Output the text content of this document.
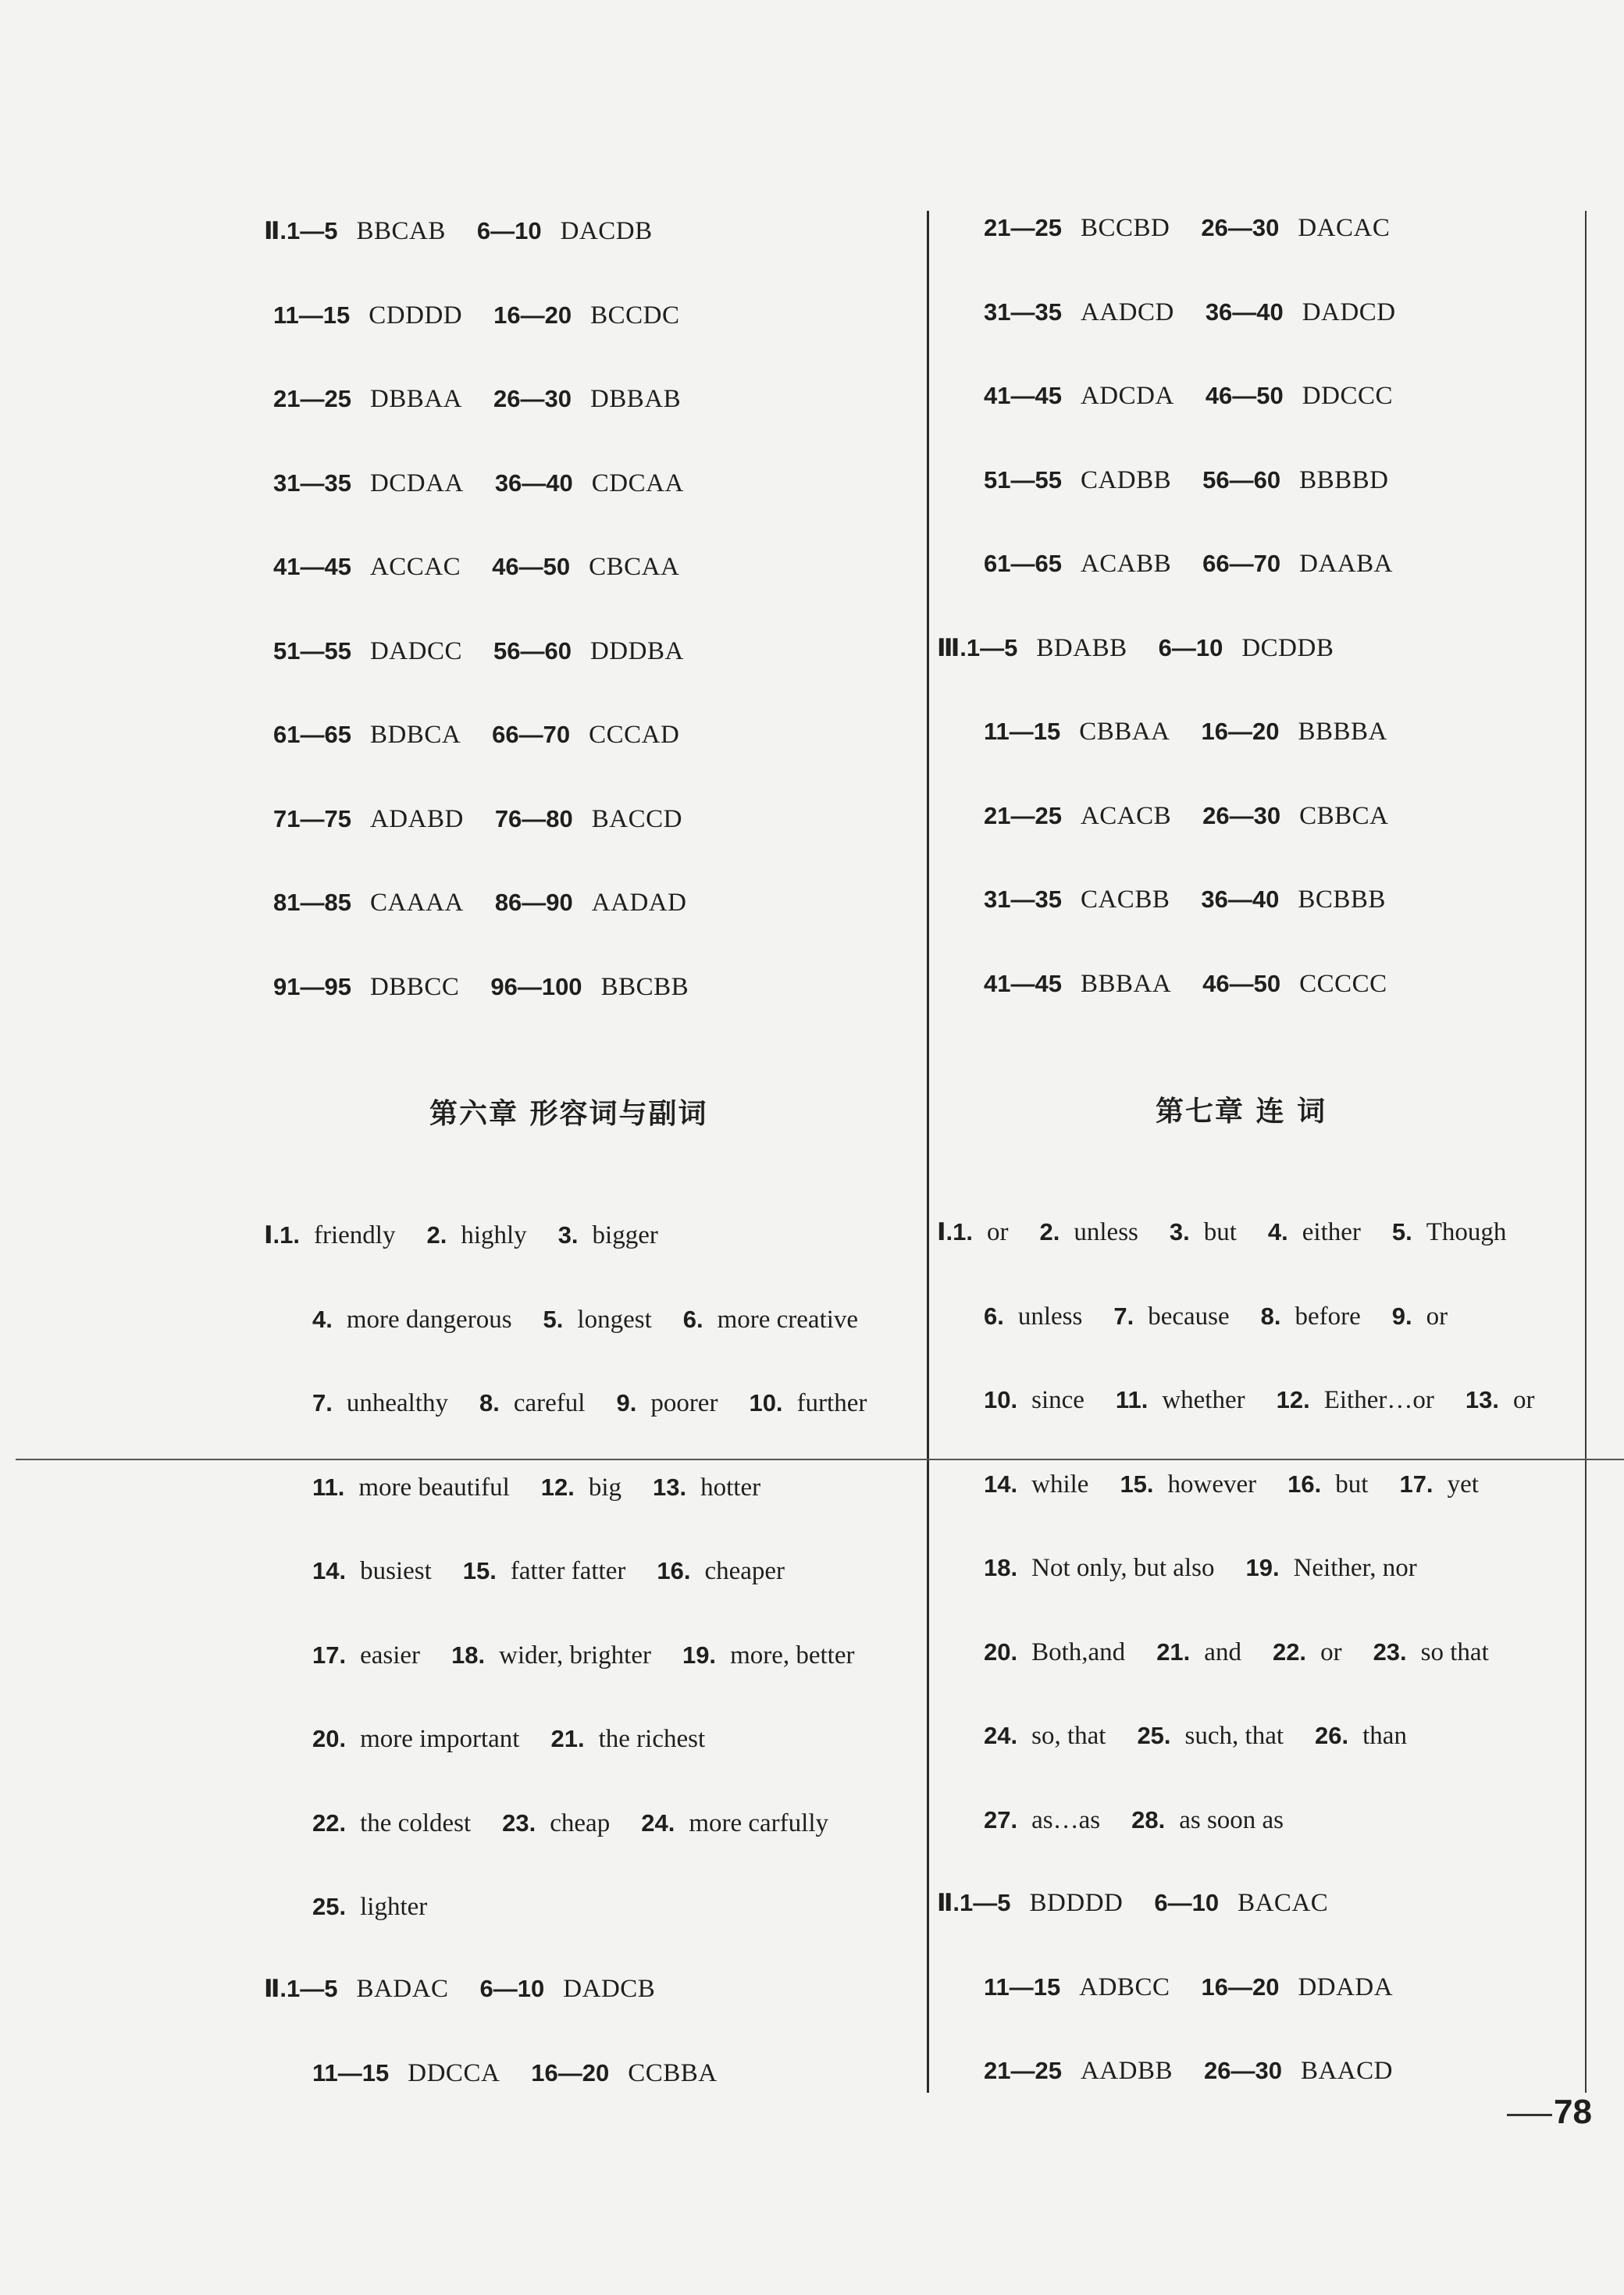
Ⅱ.1—5 BBCAB 6—10 DACDB
11—15 CDDDD 16—20 BCCDC
21—25 DBBAA 26—30 DBBAB
31—35 DCDAA 36—40 CDCAA
41—45 ACCAC 46—50 CBCAA
51—55 DADCC 56—60 DDDBA
61—65 BDBCA 66—70 CCCAD
71—75 ADABD 76—80 BACCD
81—85 CAAAA 86—90 AADAD
91—95 DBBCC 96—100 BBCBB
第六章 形容词与副词
Ⅰ.1. friendly 2. highly 3. bigger
4. more dangerous 5. longest 6. more creative
7. unhealthy 8. careful 9. poorer 10. further
11. more beautiful 12. big 13. hotter
14. busiest 15. fatter fatter 16. cheaper
17. easier 18. wider, brighter 19. more, better
20. more important 21. the richest
22. the coldest 23. cheap 24. more carfully
25. lighter
Ⅱ.1—5 BADAC 6—10 DADCB
11—15 DDCCA 16—20 CCBBA
21—25 BCCBD 26—30 DACAC
31—35 AADCD 36—40 DADCD
41—45 ADCDA 46—50 DDCCC
51—55 CADBB 56—60 BBBBD
61—65 ACABB 66—70 DAABA
Ⅲ.1—5 BDABB 6—10 DCDDB
11—15 CBBAA 16—20 BBBBA
21—25 ACACB 26—30 CBBCA
31—35 CACBB 36—40 BCBBB
41—45 BBBAA 46—50 CCCCC
第七章 连 词
Ⅰ.1. or 2. unless 3. but 4. either 5. Though
6. unless 7. because 8. before 9. or
10. since 11. whether 12. Either…or 13. or
14. while 15. however 16. but 17. yet
18. Not only, but also 19. Neither, nor
20. Both,and 21. and 22. or 23. so that
24. so, that 25. such, that 26. than
27. as…as 28. as soon as
Ⅱ.1—5 BDDDD 6—10 BACAC
11—15 ADBCC 16—20 DDADA
21—25 AADBB 26—30 BAACD
78
